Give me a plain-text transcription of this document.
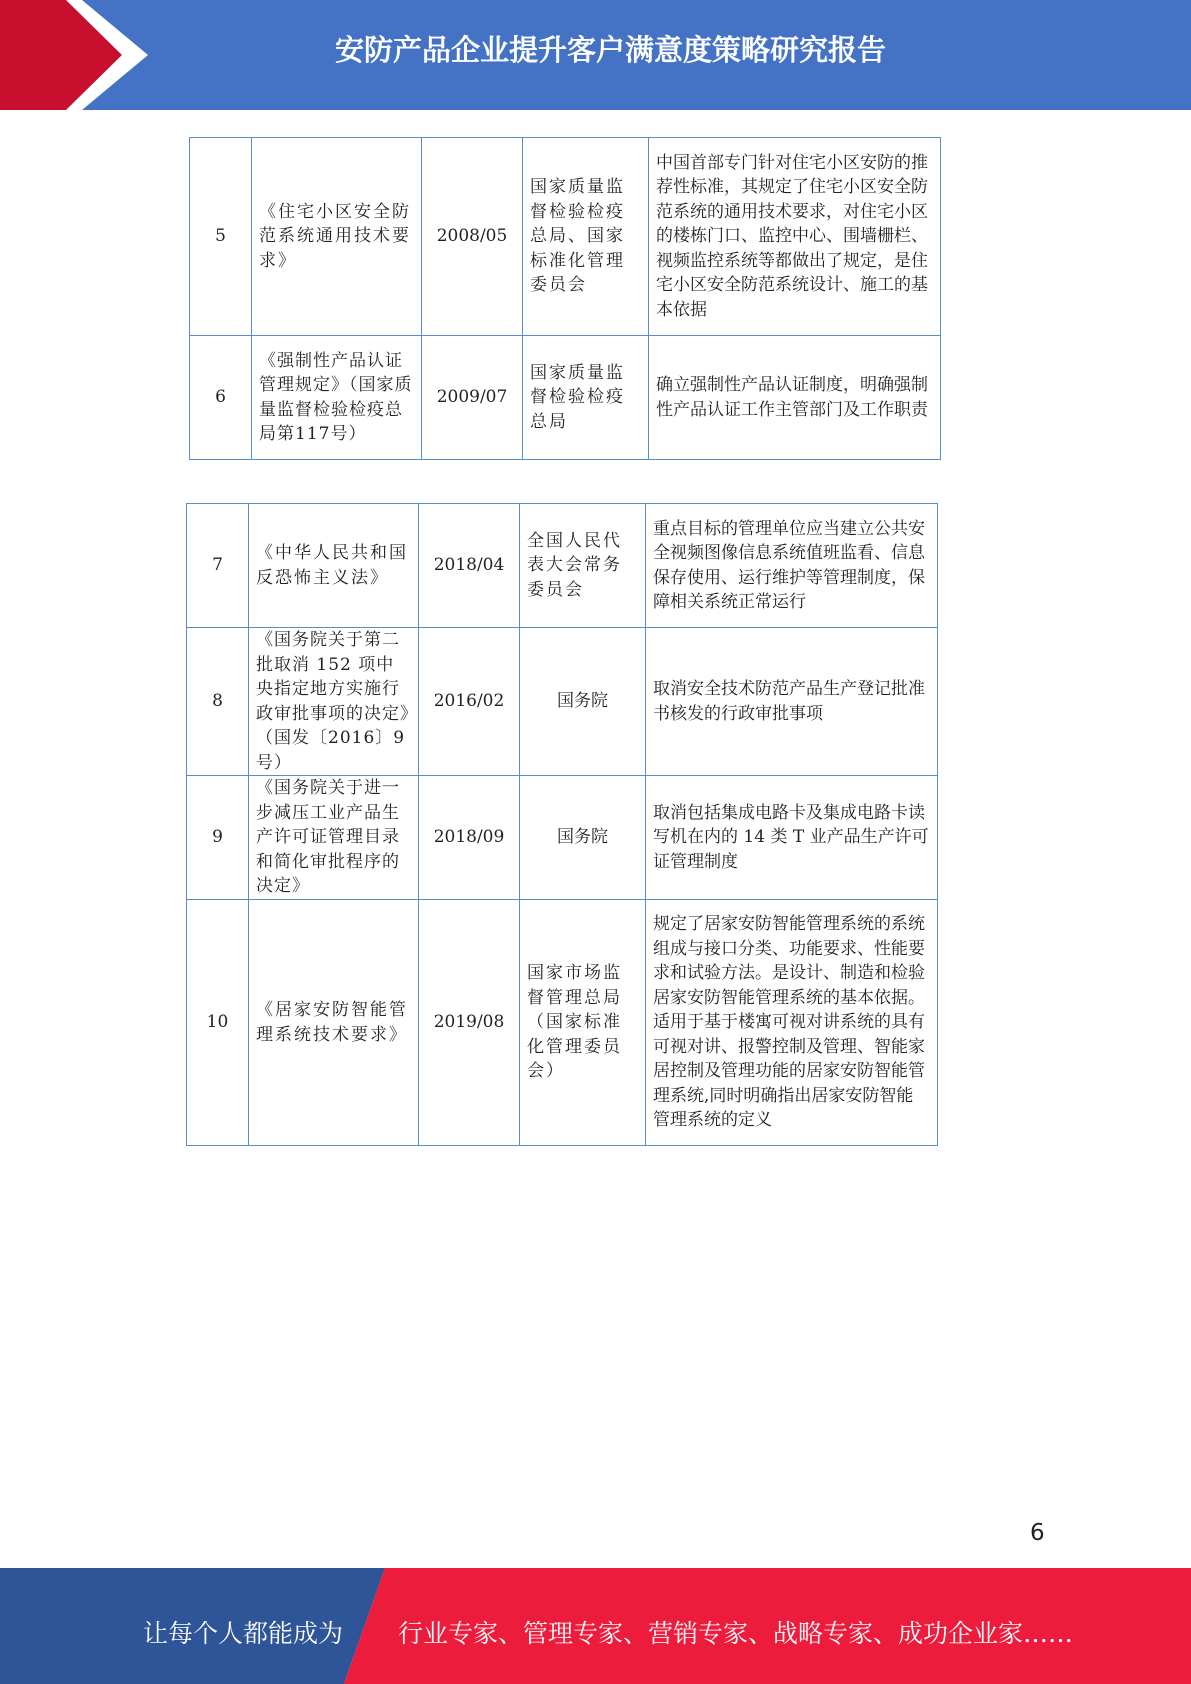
安防产品企业提升客户满意度策略研究报告
5	《住宅小区安全防范系统通用技术要求》	2008/05	国家质量监督检验检疫总局、国家标准化管理委员会	中国首部专门针对住宅小区安防的推荐性标准，其规定了住宅小区安全防范系统的通用技术要求，对住宅小区的楼栋门口、监控中心、围墙栅栏、视频监控系统等都做出了规定，是住宅小区安全防范系统设计、施工的基本依据
6	《强制性产品认证管理规定》（国家质量监督检验检疫总局第117号）	2009/07	国家质量监督检验检疫总局	确立强制性产品认证制度，明确强制性产品认证工作主管部门及工作职责
7	《中华人民共和国反恐怖主义法》	2018/04	全国人民代表大会常务委员会	重点目标的管理单位应当建立公共安全视频图像信息系统值班监看、信息保存使用、运行维护等管理制度，保障相关系统正常运行
8	《国务院关于第二批取消 152 项中央指定地方实施行政审批事项的决定》（国发〔2016〕9号）	2016/02	国务院	取消安全技术防范产品生产登记批准书核发的行政审批事项
9	《国务院关于进一步减压工业产品生产许可证管理目录和简化审批程序的决定》	2018/09	国务院	取消包括集成电路卡及集成电路卡读写机在内的 14 类 T 业产品生产许可证管理制度
10	《居家安防智能管理系统技术要求》	2019/08	国家市场监督管理总局（国家标准化管理委员会）	规定了居家安防智能管理系统的系统组成与接口分类、功能要求、性能要求和试验方法。是设计、制造和检验居家安防智能管理系统的基本依据。适用于基于楼寓可视对讲系统的具有可视对讲、报警控制及管理、智能家居控制及管理功能的居家安防智能管理系统,同时明确指出居家安防智能管理系统的定义
6
让每个人都能成为 行业专家、管理专家、营销专家、战略专家、成功企业家……
